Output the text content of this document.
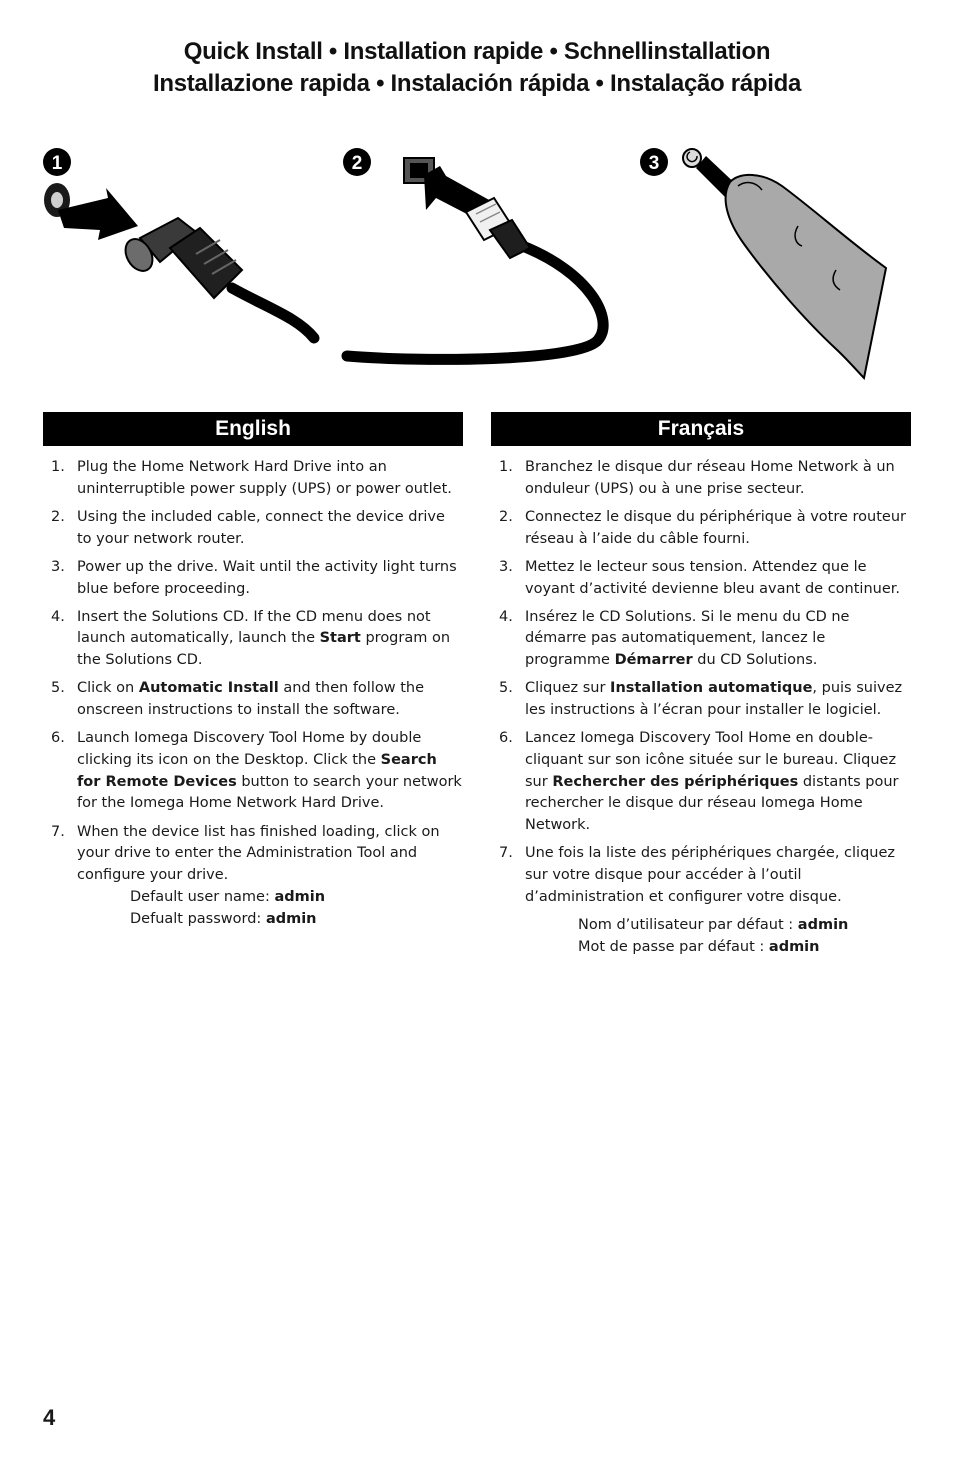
Quick Install • Installation rapide • Schnellinstallation
Installazione rapida • Instalación rápida • Instalação rápida
1	2	3
English	Français
1. Plug the Home Network Hard Drive into an uninterruptible power supply (UPS) or power outlet.
2. Using the included cable, connect the device drive to your network router.
3. Power up the drive. Wait until the activity light turns blue before proceeding.
4. Insert the Solutions CD. If the CD menu does not launch automatically, launch the Start program on the Solutions CD.
5. Click on Automatic Install and then follow the onscreen instructions to install the software.
6. Launch Iomega Discovery Tool Home by double clicking its icon on the Desktop. Click the Search for Remote Devices button to search your network for the Iomega Home Network Hard Drive.
7. When the device list has finished loading, click on your drive to enter the Administration Tool and configure your drive.
Default user name: admin
Defualt password: admin
1. Branchez le disque dur réseau Home Network à un onduleur (UPS) ou à une prise secteur.
2. Connectez le disque du périphérique à votre routeur réseau à l’aide du câble fourni.
3. Mettez le lecteur sous tension. Attendez que le voyant d’activité devienne bleu avant de continuer.
4. Insérez le CD Solutions. Si le menu du CD ne démarre pas automatiquement, lancez le programme Démarrer du CD Solutions.
5. Cliquez sur Installation automatique, puis suivez les instructions à l’écran pour installer le logiciel.
6. Lancez Iomega Discovery Tool Home en double-cliquant sur son icône située sur le bureau. Cliquez sur Rechercher des périphériques distants pour rechercher le disque dur réseau Iomega Home Network.
7. Une fois la liste des périphériques chargée, cliquez sur votre disque pour accéder à l’outil d’administration et configurer votre disque.
Nom d’utilisateur par défaut : admin
Mot de passe par défaut : admin
4
